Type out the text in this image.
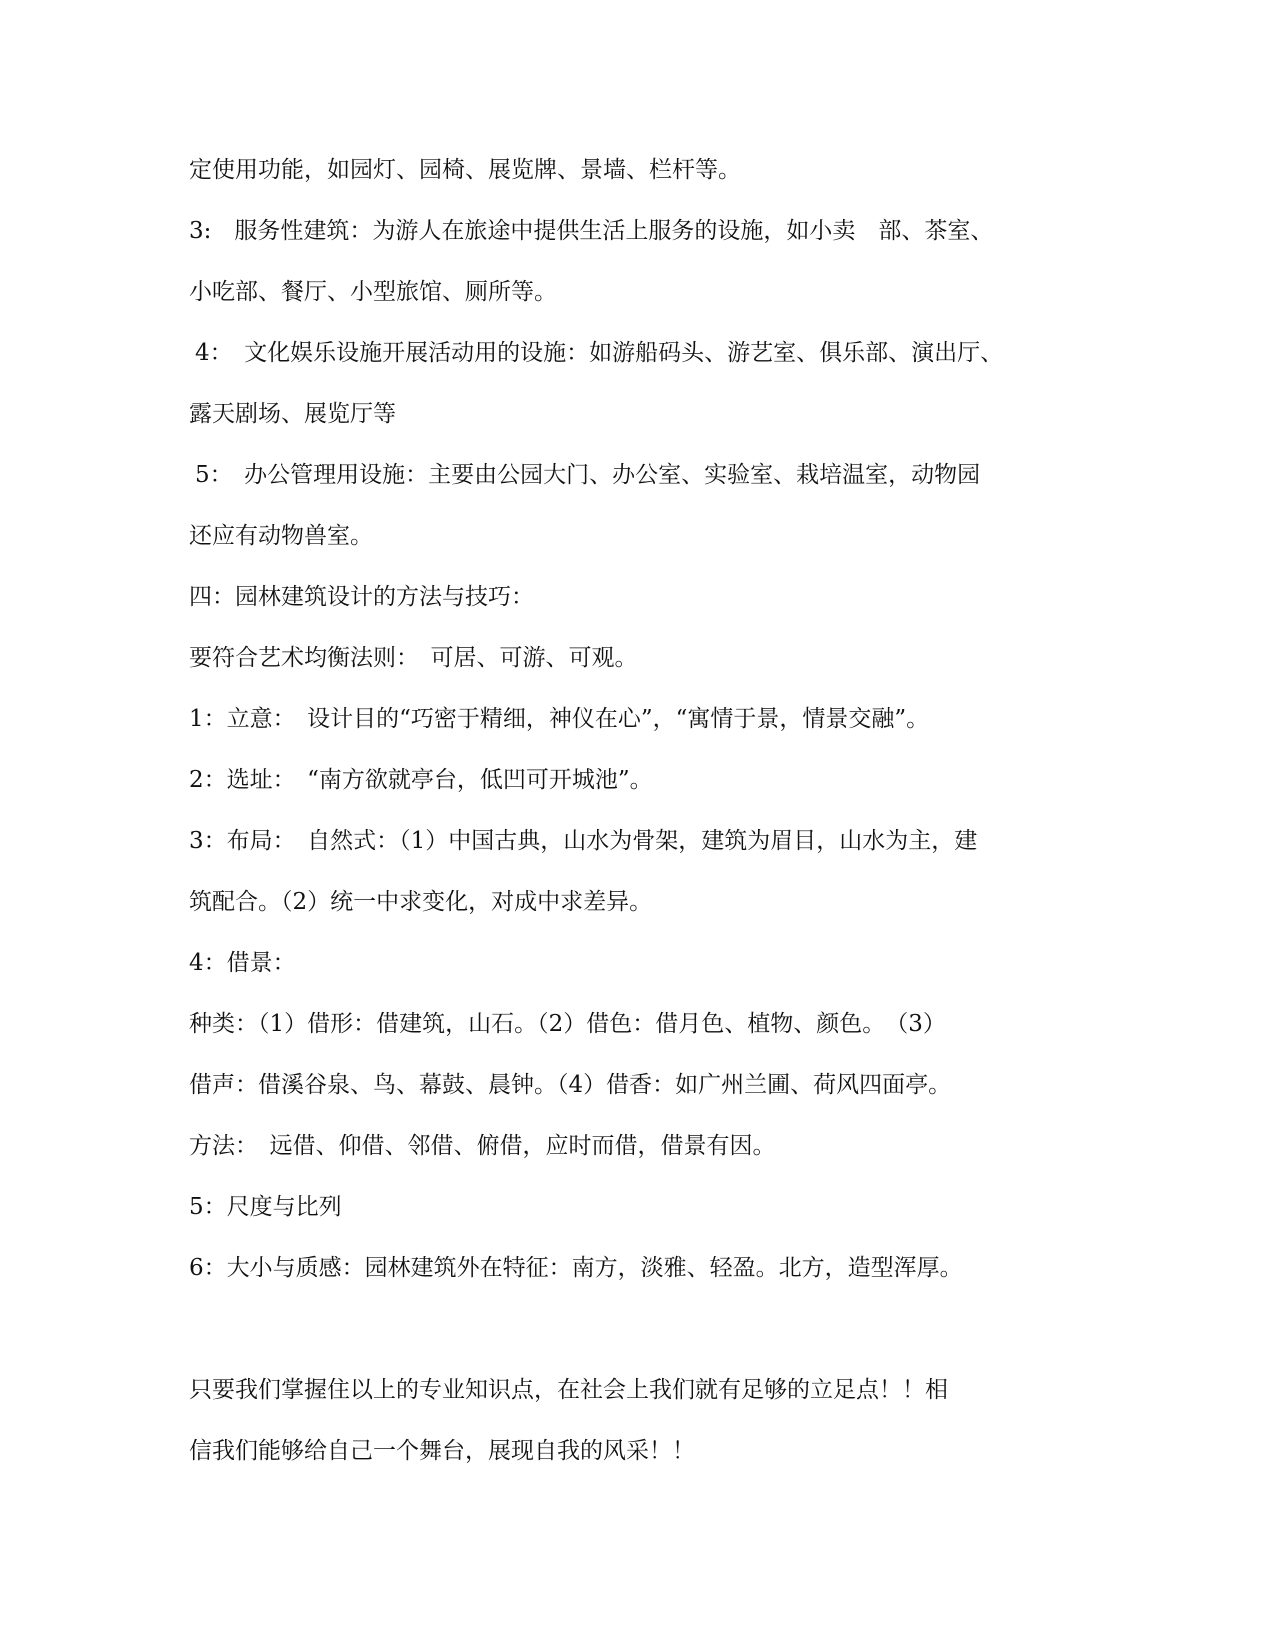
定使用功能，如园灯、园椅、展览牌、景墙、栏杆等。
3:　服务性建筑：为游人在旅途中提供生活上服务的设施，如小卖　部、茶室、
小吃部、餐厅、小型旅馆、厕所等。
4：　文化娱乐设施开展活动用的设施：如游船码头、游艺室、俱乐部、演出厅、
露天剧场、展览厅等
5：　办公管理用设施：主要由公园大门、办公室、实验室、栽培温室，动物园
还应有动物兽室。
四：园林建筑设计的方法与技巧：
要符合艺术均衡法则：　可居、可游、可观。
1：立意：　设计目的“巧密于精细，神仪在心”，“寓情于景，情景交融”。
2：选址：　“南方欲就亭台，低凹可开城池”。
3：布局：　自然式：（1）中国古典，山水为骨架，建筑为眉目，山水为主，建
筑配合。（2）统一中求变化，对成中求差异。
4：借景：
种类：（1）借形：借建筑，山石。（2）借色：借月色、植物、颜色。　（3）
借声：借溪谷泉、鸟、幕鼓、晨钟。（4）借香：如广州兰圃、荷风四面亭。
方法：　远借、仰借、邻借、俯借，应时而借，借景有因。
5：尺度与比列
6：大小与质感：园林建筑外在特征：南方，淡雅、轻盈。北方，造型浑厚。
只要我们掌握住以上的专业知识点，在社会上我们就有足够的立足点！！相
信我们能够给自己一个舞台，展现自我的风采！！
